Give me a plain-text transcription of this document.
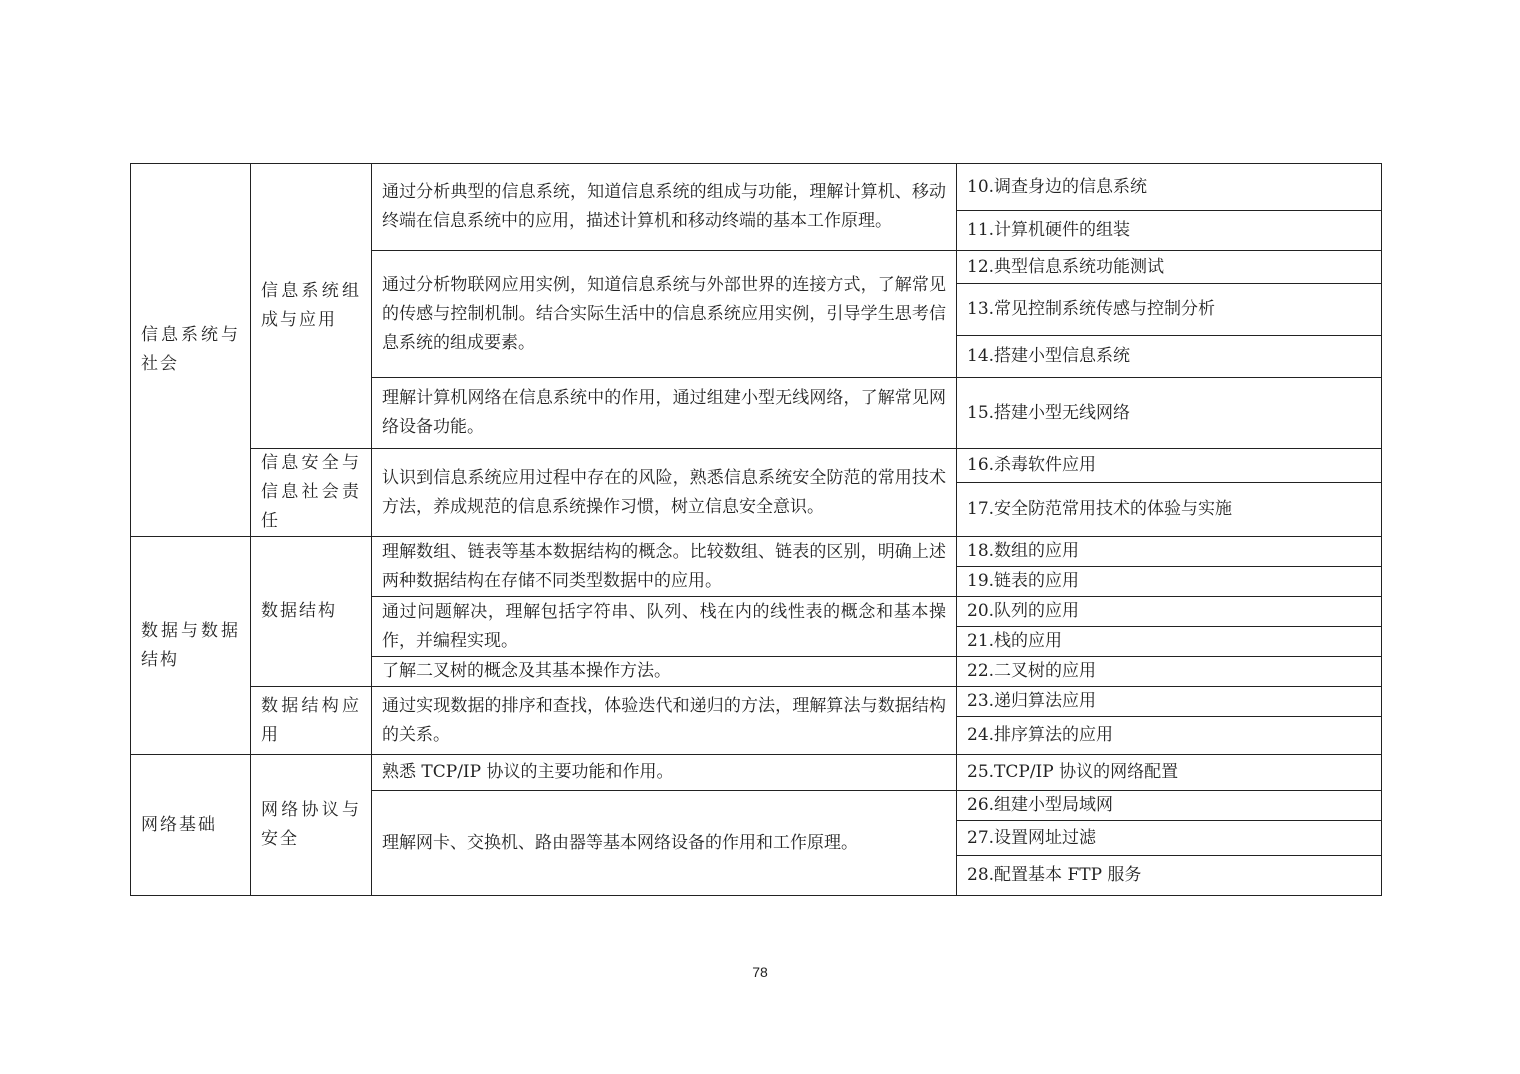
信息系统与社会	信息系统组成与应用	通过分析典型的信息系统，知道信息系统的组成与功能，理解计算机、移动终端在信息系统中的应用，描述计算机和移动终端的基本工作原理。	10.调查身边的信息系统
			11.计算机硬件的组装
		通过分析物联网应用实例，知道信息系统与外部世界的连接方式，了解常见的传感与控制机制。结合实际生活中的信息系统应用实例，引导学生思考信息系统的组成要素。	12.典型信息系统功能测试
			13.常见控制系统传感与控制分析
			14.搭建小型信息系统
		理解计算机网络在信息系统中的作用，通过组建小型无线网络，了解常见网络设备功能。	15.搭建小型无线网络
	信息安全与信息社会责任	认识到信息系统应用过程中存在的风险，熟悉信息系统安全防范的常用技术方法，养成规范的信息系统操作习惯，树立信息安全意识。	16.杀毒软件应用
			17.安全防范常用技术的体验与实施
数据与数据结构	数据结构	理解数组、链表等基本数据结构的概念。比较数组、链表的区别，明确上述两种数据结构在存储不同类型数据中的应用。	18.数组的应用
			19.链表的应用
		通过问题解决，理解包括字符串、队列、栈在内的线性表的概念和基本操作，并编程实现。	20.队列的应用
			21.栈的应用
		了解二叉树的概念及其基本操作方法。	22.二叉树的应用
	数据结构应用	通过实现数据的排序和查找，体验迭代和递归的方法，理解算法与数据结构的关系。	23.递归算法应用
			24.排序算法的应用
网络基础	网络协议与安全	熟悉 TCP/IP 协议的主要功能和作用。	25.TCP/IP 协议的网络配置
		理解网卡、交换机、路由器等基本网络设备的作用和工作原理。	26.组建小型局域网
			27.设置网址过滤
			28.配置基本 FTP 服务
78
